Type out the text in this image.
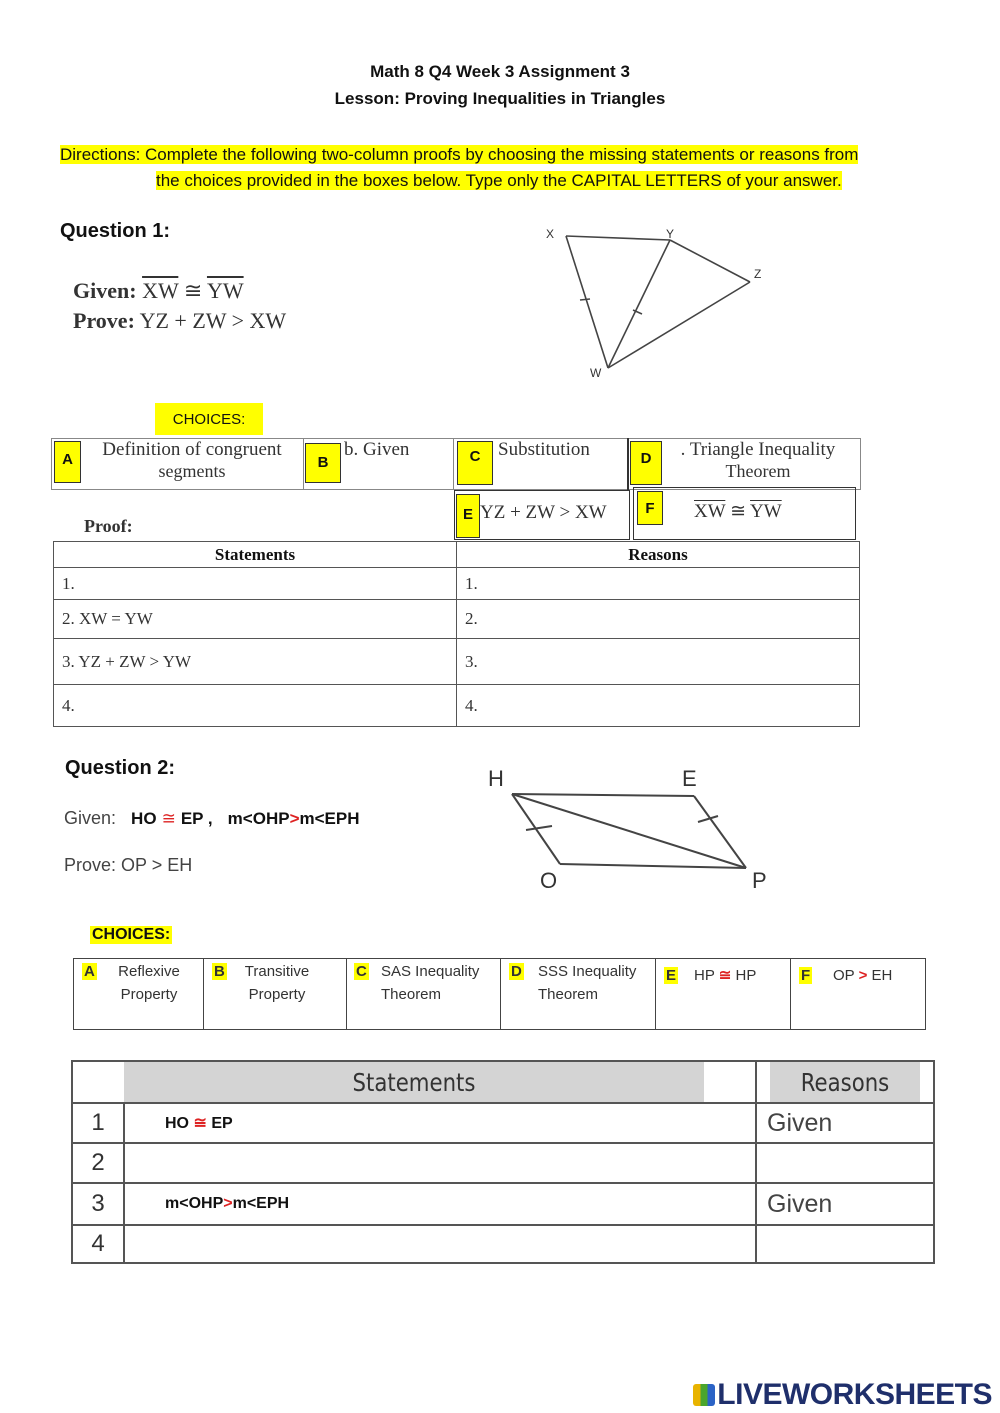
Math 8 Q4 Week 3 Assignment 3
Lesson: Proving Inequalities in Triangles
Directions: Complete the following two-column proofs by choosing the missing statements or reasons from
the choices provided in the boxes below. Type only the CAPITAL LETTERS of your answer.
Question 1:
Given: $\overline{XW}$ ≅ $\overline{YW}$
Prove: YZ + ZW > XW
X	Y
Z
W
CHOICES:
A	Definition of congruent
segments	B
b. Given	C Substitution	D	. Triangle Inequality
Theorem
E YZ + ZW > XW	F	$\overline{XW}$ ≅ $\overline{YW}$
Proof:
Statements	Reasons
1.	1.
2. XW = YW	2.
3. YZ + ZW > YW	3.
4.	4.
Question 2:
Given: HO ≅ EP , m<OHP>m<EPH
Prove: OP > EH
H	E
O	P
CHOICES:
A	Reflexive
Property
B	Transitive
Property
C SAS Inequality
Theorem
D SSS Inequality
Theorem
E HP ≅ HP	F OP > EH
Statements		Reasons
1	HO ≅ EP	Given
2		
3	m<OHP>m<EPH	Given
4		
LIVEWORKSHEETS
